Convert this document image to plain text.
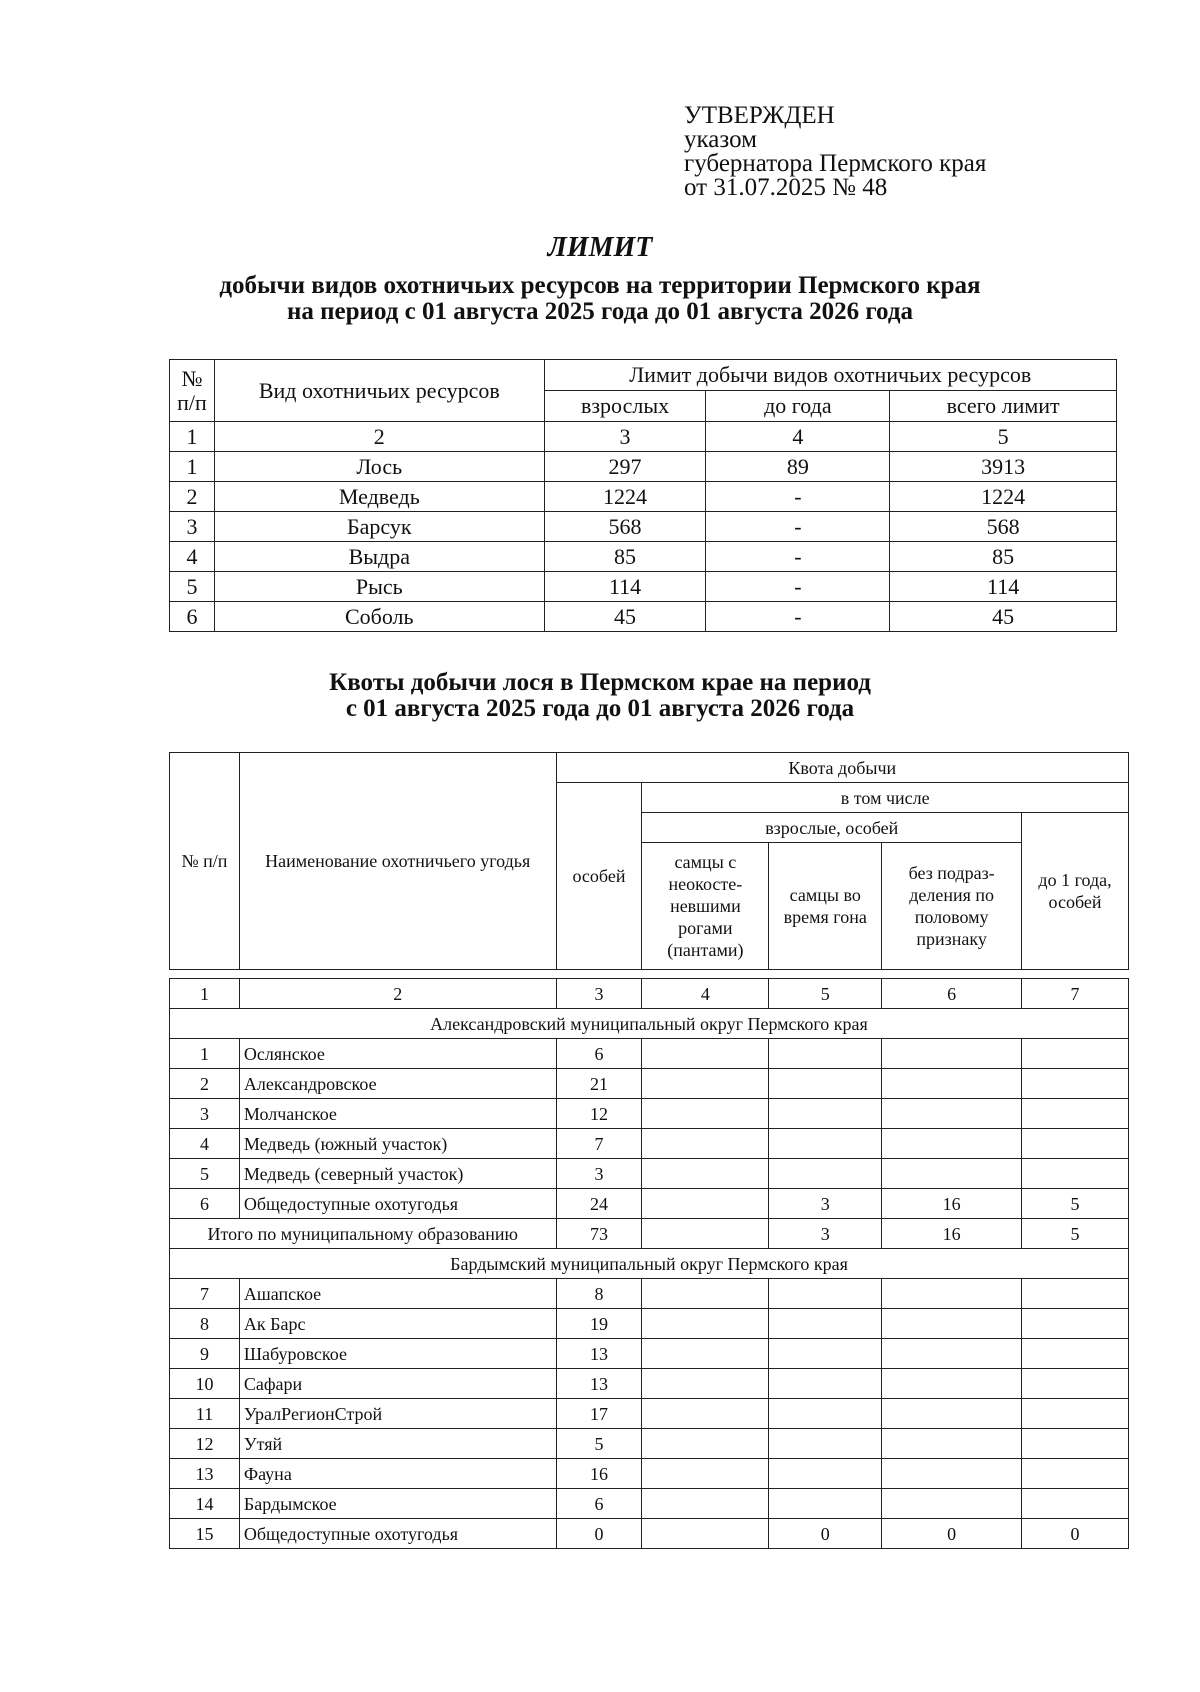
УТВЕРЖДЕН
указом
губернатора Пермского края
от 31.07.2025 № 48
ЛИМИТ
добычи видов охотничьих ресурсов на территории Пермского края
на период с 01 августа 2025 года до 01 августа 2026 года
№ п/п	Вид охотничьих ресурсов	Лимит добычи видов охотничьих ресурсов		
		взрослых	до года	всего лимит
1	2	3	4	5
1	Лось	297	89	3913
2	Медведь	1224	-	1224
3	Барсук	568	-	568
4	Выдра	85	-	85
5	Рысь	114	-	114
6	Соболь	45	-	45
Квоты добычи лося в Пермском крае на период
с 01 августа 2025 года до 01 августа 2026 года
№ п/п	Наименование охотничьего угодья	Квота добычи				
		особей	в том числе			
			взрослые, особей			до 1 года, особей
			самцы с неокосте- невшими рогами (пантами)	самцы во время гона	без подраз- деления по половому признаку	

1	2	3	4	5	6	7
Александровский муниципальный округ Пермского края						
1	Ослянское	6				
2	Александровское	21				
3	Молчанское	12				
4	Медведь (южный участок)	7				
5	Медведь (северный участок)	3				
6	Общедоступные охотугодья	24		3	16	5
Итого по муниципальному образованию		73		3	16	5
Бардымский муниципальный округ Пермского края						
7	Ашапское	8				
8	Ак Барс	19				
9	Шабуровское	13				
10	Сафари	13				
11	УралРегионСтрой	17				
12	Утяй	5				
13	Фауна	16				
14	Бардымское	6				
15	Общедоступные охотугодья	0		0	0	0
